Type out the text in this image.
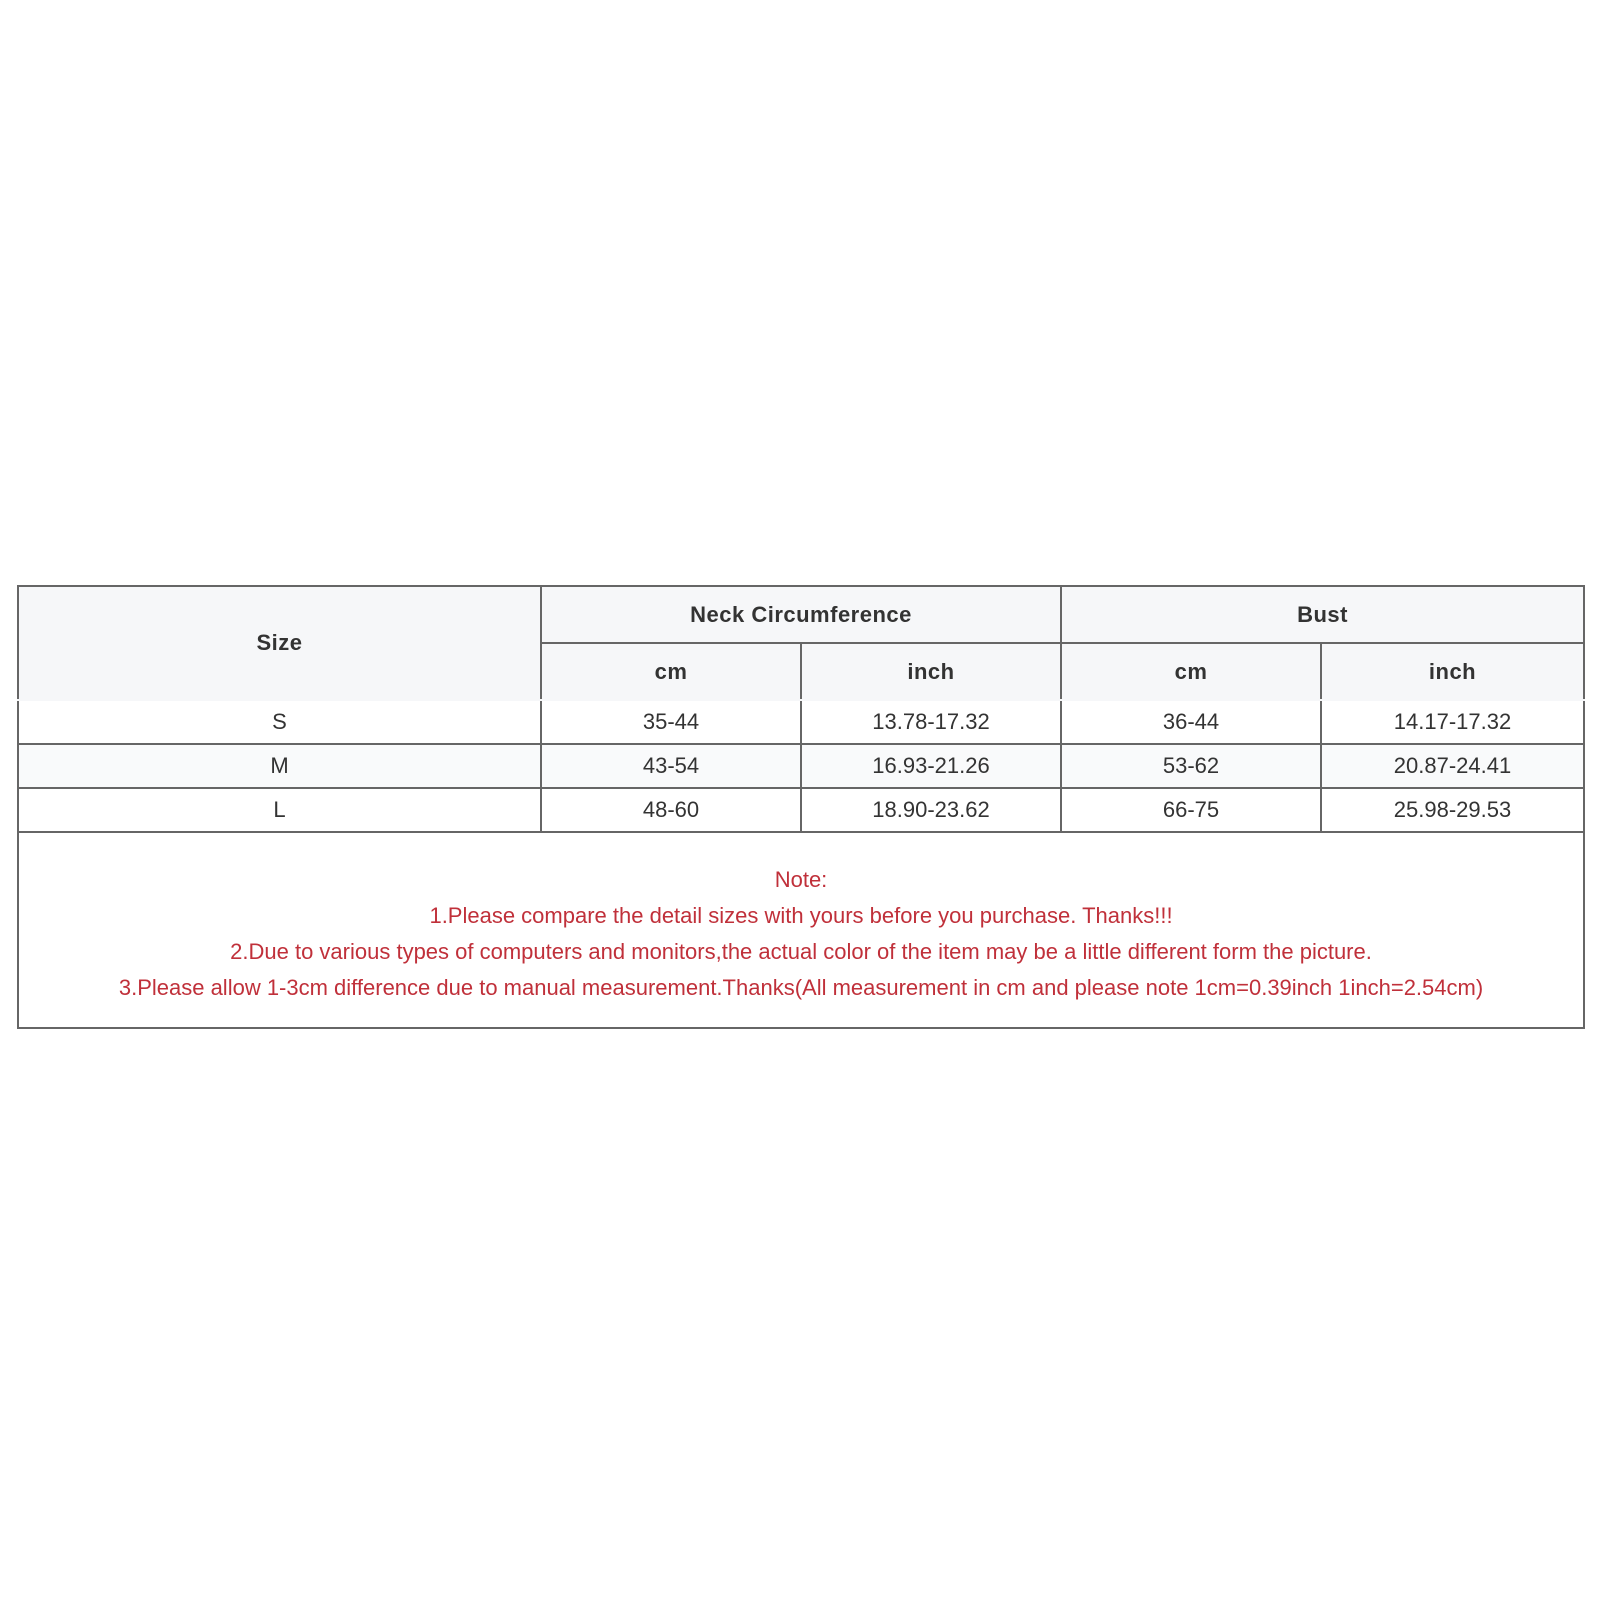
Size	Neck Circumference		Bust	
	cm	inch	cm	inch
S	35-44	13.78-17.32	36-44	14.17-17.32
M	43-54	16.93-21.26	53-62	20.87-24.41
L	48-60	18.90-23.62	66-75	25.98-29.53

Note:
1.Please compare the detail sizes with yours before you purchase. Thanks!!!
2.Due to various types of computers and monitors,the actual color of the item may be a little different form the picture.
3.Please allow 1-3cm difference due to manual measurement.Thanks(All measurement in cm and please note 1cm=0.39inch 1inch=2.54cm)				
